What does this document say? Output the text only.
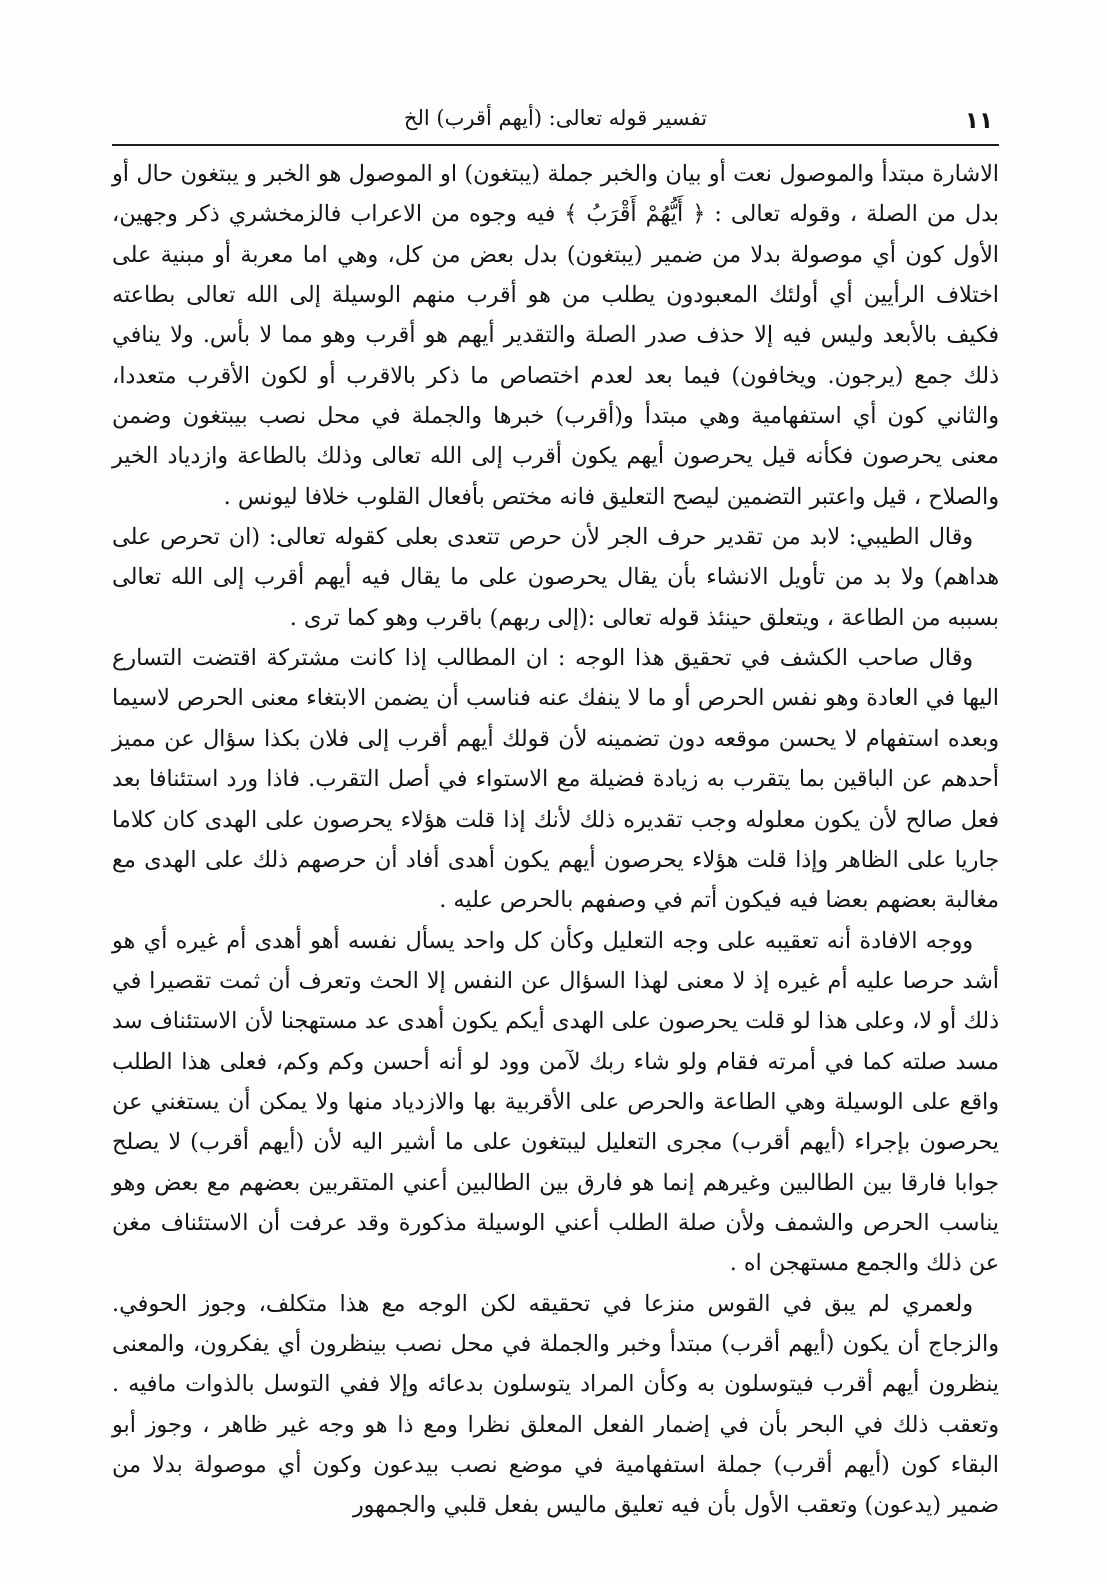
١١
تفسير قوله تعالى: (أيهم أقرب) الخ

الاشارة مبتدأ والموصول نعت أو بيان والخبر جملة (يبتغون) او الموصول هو الخبر و يبتغون حال أو بدل من الصلة ، وقوله تعالى : ﴿ أَيُّهُمْ أَقْرَبُ ﴾ فيه وجوه من الاعراب فالزمخشري ذكر وجهين، الأول كون أي موصولة بدلا من ضمير (يبتغون) بدل بعض من كل، وهي اما معربة أو مبنية على اختلاف الرأيين أي أولئك المعبودون يطلب من هو أقرب منهم الوسيلة إلى الله تعالى بطاعته فكيف بالأبعد وليس فيه إلا حذف صدر الصلة والتقدير أيهم هو أقرب وهو مما لا بأس. ولا ينافي ذلك جمع (يرجون. ويخافون) فيما بعد لعدم اختصاص ما ذكر بالاقرب أو لكون الأقرب متعددا، والثاني كون أي استفهامية وهي مبتدأ و(أقرب) خبرها والجملة في محل نصب بيبتغون وضمن معنى يحرصون فكأنه قيل يحرصون أيهم يكون أقرب إلى الله تعالى وذلك بالطاعة وازدياد الخير والصلاح ، قيل واعتبر التضمين ليصح التعليق فانه مختص بأفعال القلوب خلافا ليونس .

وقال الطيبي: لابد من تقدير حرف الجر لأن حرص تتعدى بعلى كقوله تعالى: (ان تحرص على هداهم) ولا بد من تأويل الانشاء بأن يقال يحرصون على ما يقال فيه أيهم أقرب إلى الله تعالى بسببه من الطاعة ، ويتعلق حينئذ قوله تعالى :(إلى ربهم) باقرب وهو كما ترى .

وقال صاحب الكشف في تحقيق هذا الوجه : ان المطالب إذا كانت مشتركة اقتضت التسارع اليها في العادة وهو نفس الحرص أو ما لا ينفك عنه فناسب أن يضمن الابتغاء معنى الحرص لاسيما وبعده استفهام لا يحسن موقعه دون تضمينه لأن قولك أيهم أقرب إلى فلان بكذا سؤال عن مميز أحدهم عن الباقين بما يتقرب به زيادة فضيلة مع الاستواء في أصل التقرب. فاذا ورد استئنافا بعد فعل صالح لأن يكون معلوله وجب تقديره ذلك لأنك إذا قلت هؤلاء يحرصون على الهدى كان كلاما جاريا على الظاهر وإذا قلت هؤلاء يحرصون أيهم يكون أهدى أفاد أن حرصهم ذلك على الهدى مع مغالبة بعضهم بعضا فيه فيكون أتم في وصفهم بالحرص عليه .

ووجه الافادة أنه تعقيبه على وجه التعليل وكأن كل واحد يسأل نفسه أهو أهدى أم غيره أي هو أشد حرصا عليه أم غيره إذ لا معنى لهذا السؤال عن النفس إلا الحث وتعرف أن ثمت تقصيرا في ذلك أو لا، وعلى هذا لو قلت يحرصون على الهدى أيكم يكون أهدى عد مستهجنا لأن الاستئناف سد مسد صلته كما في أمرته فقام ولو شاء ربك لآمن وود لو أنه أحسن وكم وكم، فعلى هذا الطلب واقع على الوسيلة وهي الطاعة والحرص على الأقربية بها والازدياد منها ولا يمكن أن يستغني عن يحرصون بإجراء (أيهم أقرب) مجرى التعليل ليبتغون على ما أشير اليه لأن (أيهم أقرب) لا يصلح جوابا فارقا بين الطالبين وغيرهم إنما هو فارق بين الطالبين أعني المتقربين بعضهم مع بعض وهو يناسب الحرص والشمف ولأن صلة الطلب أعني الوسيلة مذكورة وقد عرفت أن الاستئناف مغن عن ذلك والجمع مستهجن اه .

ولعمري لم يبق في القوس منزعا في تحقيقه لكن الوجه مع هذا متكلف، وجوز الحوفي. والزجاج أن يكون (أيهم أقرب) مبتدأ وخبر والجملة في محل نصب بينظرون أي يفكرون، والمعنى ينظرون أيهم أقرب فيتوسلون به وكأن المراد يتوسلون بدعائه وإلا ففي التوسل بالذوات مافيه . وتعقب ذلك في البحر بأن في إضمار الفعل المعلق نظرا ومع ذا هو وجه غير ظاهر ، وجوز أبو البقاء كون (أيهم أقرب) جملة استفهامية في موضع نصب بيدعون وكون أي موصولة بدلا من ضمير (يدعون) وتعقب الأول بأن فيه تعليق ماليس بفعل قلبي والجمهور
